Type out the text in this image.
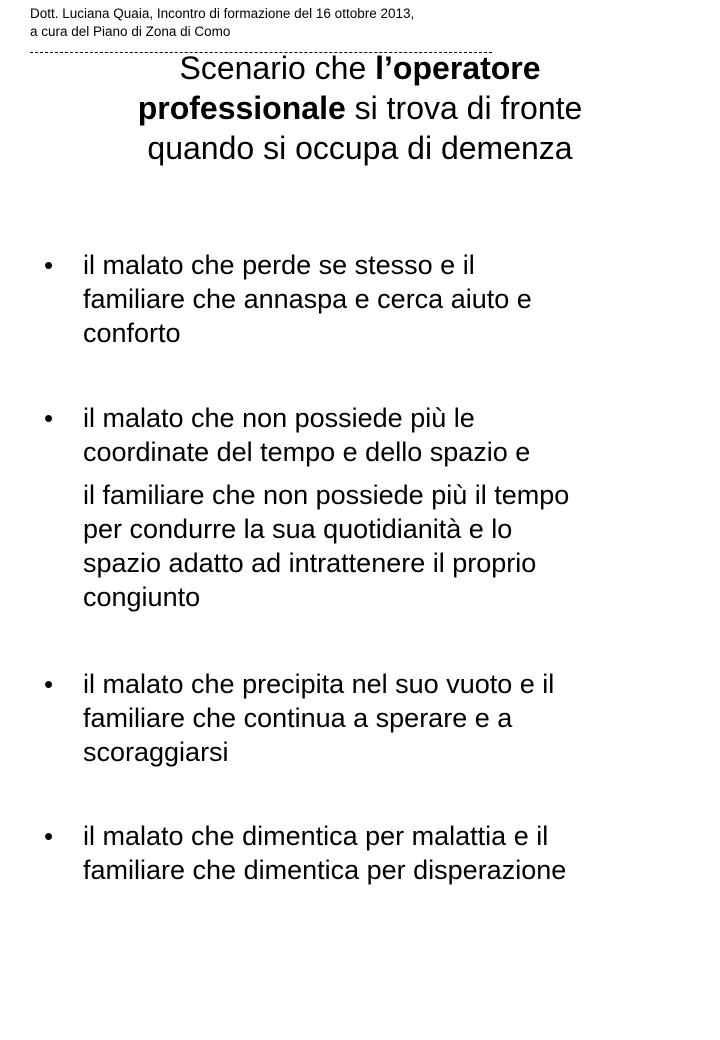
Dott. Luciana Quaia, Incontro di formazione del 16 ottobre 2013,
a cura del Piano di Zona di Como
Scenario che l’operatore
professionale si trova di fronte
quando si occupa di demenza
• il malato che perde se stesso e il
familiare che annaspa e cerca aiuto e
conforto
• il malato che non possiede più le
coordinate del tempo e dello spazio e
il familiare che non possiede più il tempo
per condurre la sua quotidianità e lo
spazio adatto ad intrattenere il proprio
congiunto
• il malato che precipita nel suo vuoto e il
familiare che continua a sperare e a
scoraggiarsi
• il malato che dimentica per malattia e il
familiare che dimentica per disperazione
